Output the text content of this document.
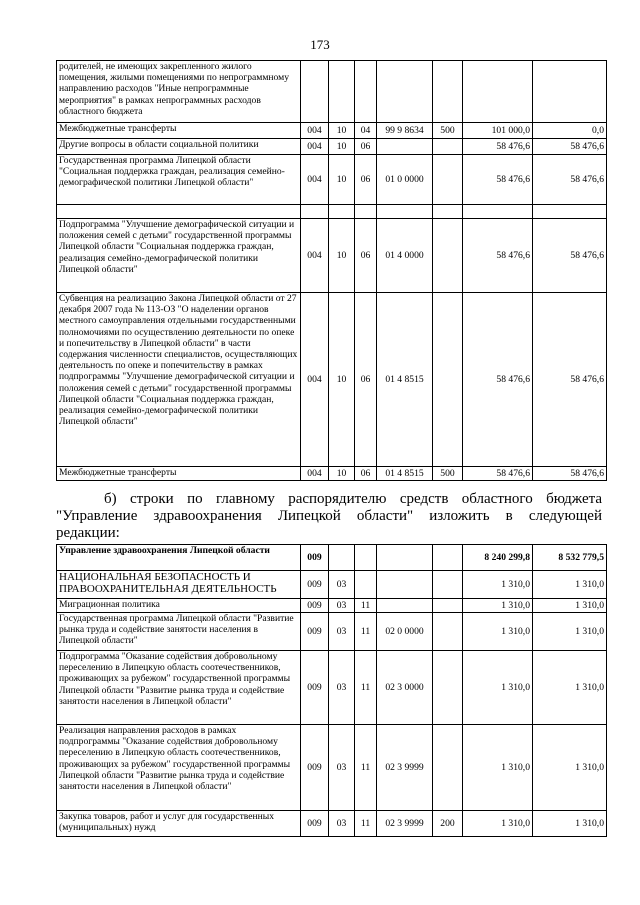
173
родителей, не имеющих закрепленного жилого помещения, жилыми помещениями по непрограммному направлению расходов "Иные непрограммные мероприятия" в рамках непрограммных расходов областного бюджета							
Межбюджетные трансферты	004	10	04	99 9 8634	500	101 000,0	0,0
Другие вопросы в области социальной политики	004	10	06			58 476,6	58 476,6
Государственная программа Липецкой области "Социальная поддержка граждан, реализация семейно-демографической политики Липецкой области"	004	10	06	01 0 0000		58 476,6	58 476,6

Подпрограмма "Улучшение демографической ситуации и положения семей с детьми" государственной программы Липецкой области "Социальная поддержка граждан, реализация семейно-демографической политики Липецкой области"	004	10	06	01 4 0000		58 476,6	58 476,6
Субвенция на реализацию Закона Липецкой области от 27 декабря 2007 года № 113-ОЗ "О наделении органов местного самоуправления отдельными государственными полномочиями по осуществлению деятельности по опеке и попечительству в Липецкой области" в части содержания численности специалистов, осуществляющих деятельность по опеке и попечительству в рамках подпрограммы "Улучшение демографической ситуации и положения семей с детьми" государственной программы Липецкой области "Социальная поддержка граждан, реализация семейно-демографической политики Липецкой области"	004	10	06	01 4 8515		58 476,6	58 476,6
Межбюджетные трансферты	004	10	06	01 4 8515	500	58 476,6	58 476,6
б) строки по главному распорядителю средств областного бюджета
"Управление здравоохранения Липецкой области" изложить в следующей
редакции:
Управление здравоохранения Липецкой области	009					8 240 299,8	8 532 779,5
НАЦИОНАЛЬНАЯ БЕЗОПАСНОСТЬ И ПРАВООХРАНИТЕЛЬНАЯ ДЕЯТЕЛЬНОСТЬ	009	03				1 310,0	1 310,0
Миграционная политика	009	03	11			1 310,0	1 310,0
Государственная программа Липецкой области "Развитие рынка труда и содействие занятости населения в Липецкой области"	009	03	11	02 0 0000		1 310,0	1 310,0
Подпрограмма "Оказание содействия добровольному переселению в Липецкую область соотечественников, проживающих за рубежом" государственной программы Липецкой области "Развитие рынка труда и содействие занятости населения в Липецкой области"	009	03	11	02 3 0000		1 310,0	1 310,0
Реализация направления расходов в рамках подпрограммы "Оказание содействия добровольному переселению в Липецкую область соотечественников, проживающих за рубежом" государственной программы Липецкой области "Развитие рынка труда и содействие занятости населения в Липецкой области"	009	03	11	02 3 9999		1 310,0	1 310,0
Закупка товаров, работ и услуг для государственных (муниципальных) нужд	009	03	11	02 3 9999	200	1 310,0	1 310,0
